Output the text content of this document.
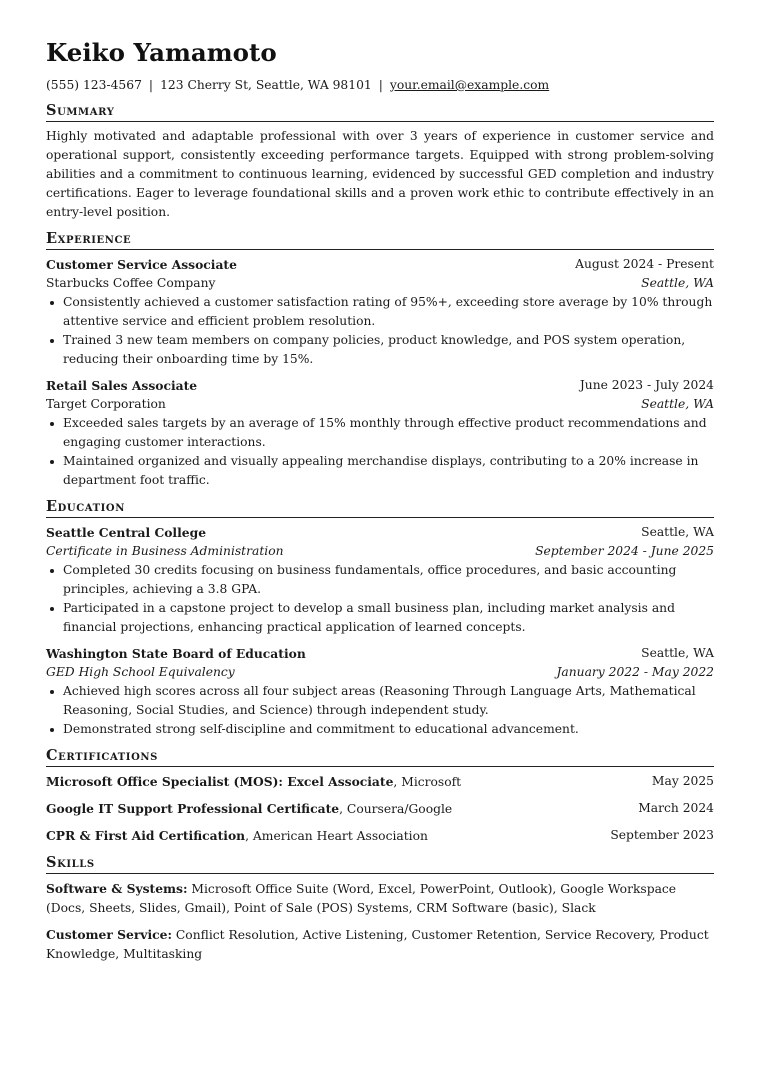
Keiko Yamamoto
(555) 123-4567 | 123 Cherry St, Seattle, WA 98101 | your.email@example.com
Summary
Highly motivated and adaptable professional with over 3 years of experience in customer service and operational support, consistently exceeding performance targets. Equipped with strong problem-solving abilities and a commitment to continuous learning, evidenced by successful GED completion and industry certifications. Eager to leverage foundational skills and a proven work ethic to contribute effectively in an entry-level position.
Experience
Customer Service Associate	August 2024 - Present
Starbucks Coffee Company	Seattle, WA
Consistently achieved a customer satisfaction rating of 95%+, exceeding store average by 10% through attentive service and efficient problem resolution.
Trained 3 new team members on company policies, product knowledge, and POS system operation, reducing their onboarding time by 15%.
Retail Sales Associate	June 2023 - July 2024
Target Corporation	Seattle, WA
Exceeded sales targets by an average of 15% monthly through effective product recommendations and engaging customer interactions.
Maintained organized and visually appealing merchandise displays, contributing to a 20% increase in department foot traffic.
Education
Seattle Central College	Seattle, WA
Certificate in Business Administration	September 2024 - June 2025
Completed 30 credits focusing on business fundamentals, office procedures, and basic accounting principles, achieving a 3.8 GPA.
Participated in a capstone project to develop a small business plan, including market analysis and financial projections, enhancing practical application of learned concepts.
Washington State Board of Education	Seattle, WA
GED High School Equivalency	January 2022 - May 2022
Achieved high scores across all four subject areas (Reasoning Through Language Arts, Mathematical Reasoning, Social Studies, and Science) through independent study.
Demonstrated strong self-discipline and commitment to educational advancement.
Certifications
Microsoft Office Specialist (MOS): Excel Associate, Microsoft	May 2025
Google IT Support Professional Certificate, Coursera/Google	March 2024
CPR & First Aid Certification, American Heart Association	September 2023
Skills
Software & Systems: Microsoft Office Suite (Word, Excel, PowerPoint, Outlook), Google Workspace (Docs, Sheets, Slides, Gmail), Point of Sale (POS) Systems, CRM Software (basic), Slack
Customer Service: Conflict Resolution, Active Listening, Customer Retention, Service Recovery, Product Knowledge, Multitasking
